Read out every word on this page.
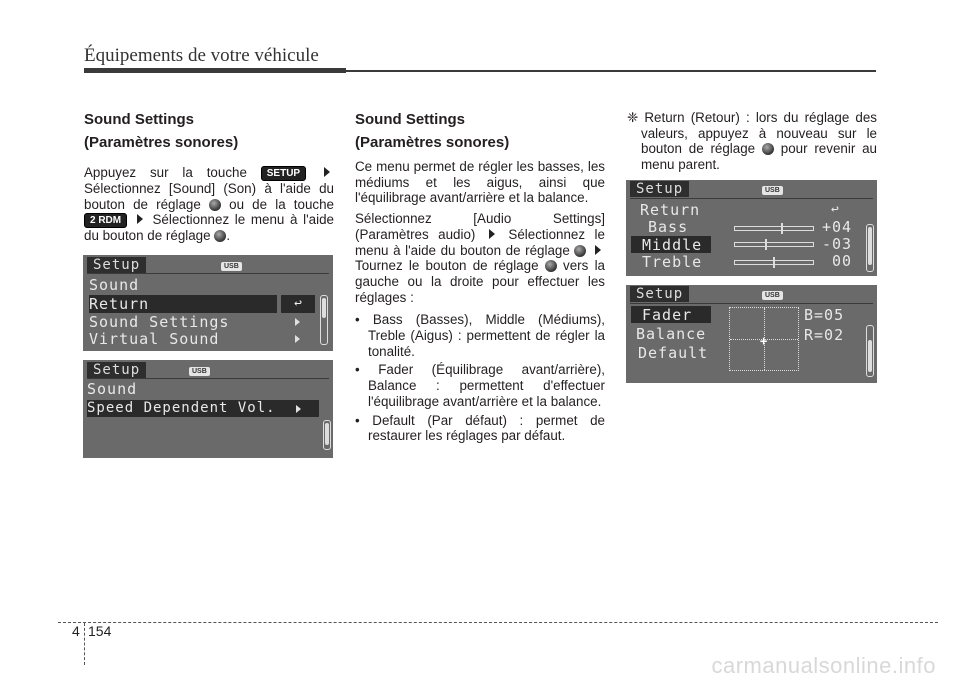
Équipements de votre véhicule

Sound Settings

(Paramètres sonores)

Appuyez sur la touche SETUP  Sélectionnez [Sound] (Son) à l'aide du bouton de réglage ou de la touche 2 RDM Sélectionnez le menu à l'aide du bouton de réglage .

Setup	USB
Sound
Return	↩
Sound Settings
Virtual Sound
Setup	USB
Sound
Speed Dependent Vol.

Sound Settings

(Paramètres sonores)

Ce menu permet de régler les basses, les médiums et les aigus, ainsi que l'équilibrage avant/arrière et la balance.

Sélectionnez [Audio Settings] (Paramètres audio) Sélectionnez le menu à l'aide du bouton de réglage   Tournez le bouton de réglage vers la gauche ou la droite pour effectuer les réglages :

• Bass (Basses), Middle (Médiums), Treble (Aigus) : permettent de régler la tonalité.

• Fader (Équilibrage avant/arrière), Balance : permettent d'effectuer l'équilibrage avant/arrière et la balance.

• Default (Par défaut) : permet de restaurer les réglages par défaut.

❈ Return (Retour) : lors du réglage des valeurs, appuyez à nouveau sur le bouton de réglage pour revenir au menu parent.

Setup	USB
Return	↩
Bass	+04
Middle	-03
Treble	00
Setup	USB
Fader
Balance
Default
+
B=05
R=02
4 154
carmanualsonline.info
